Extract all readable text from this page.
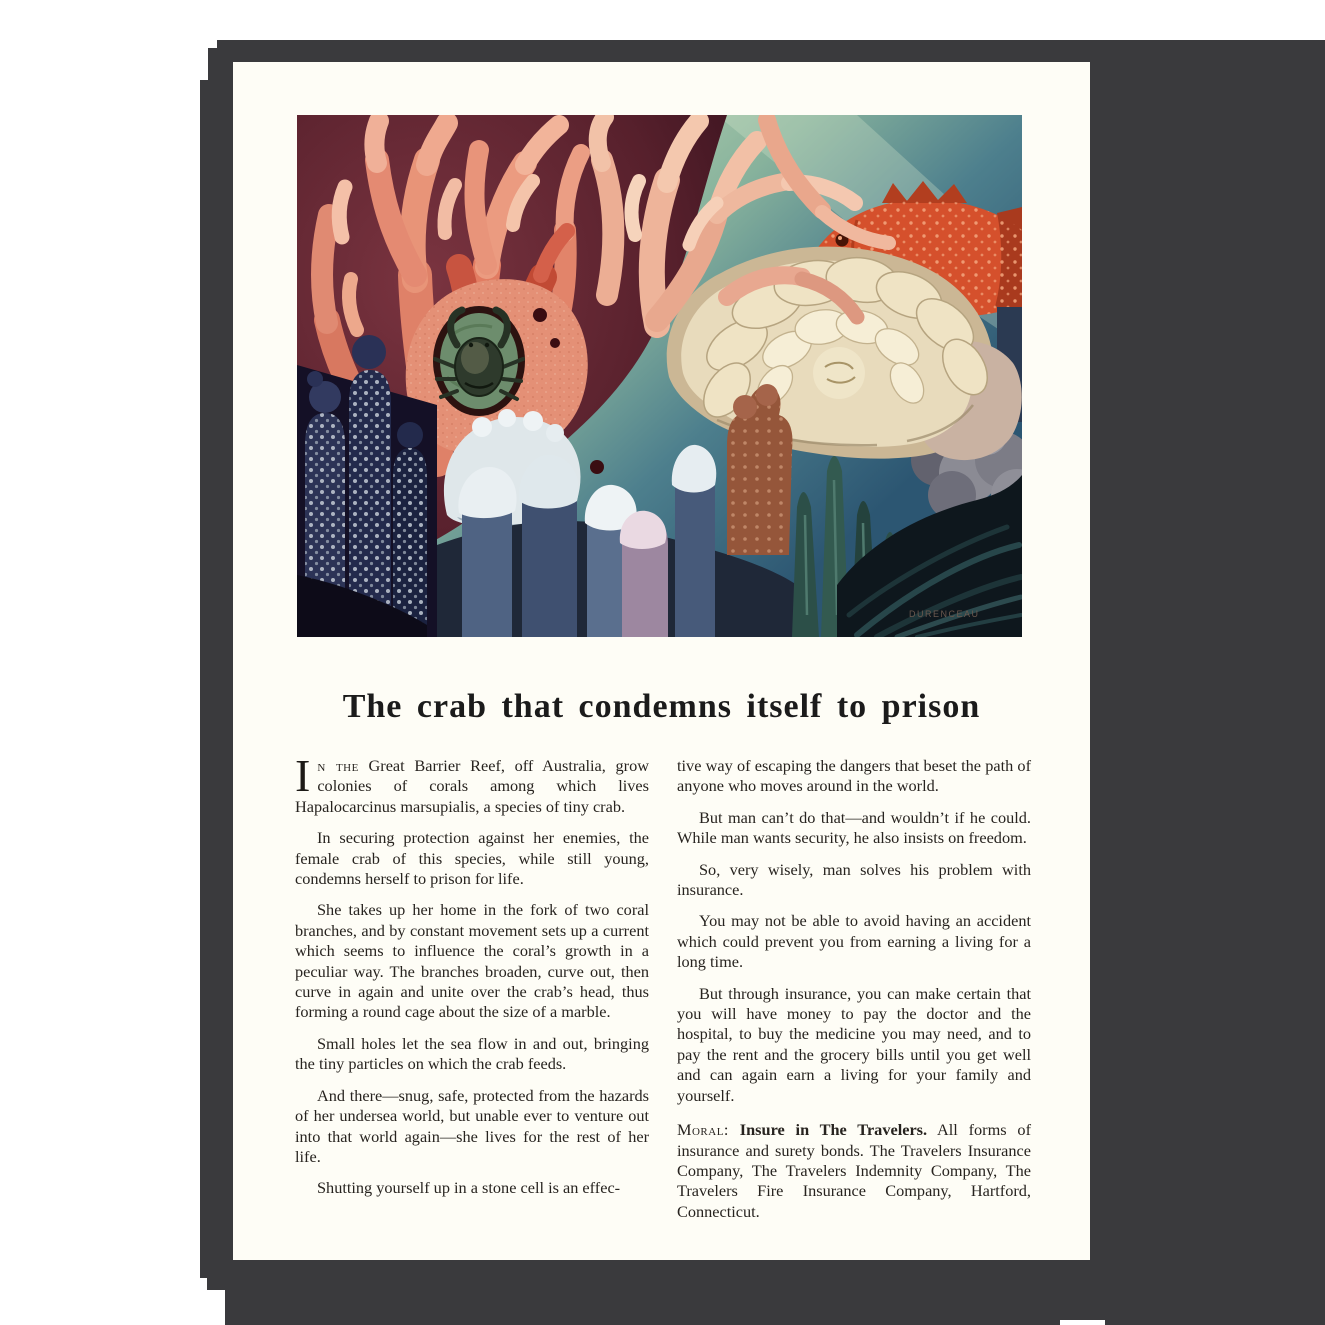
DURENCEAU
The crab that condemns itself to prison

In the Great Barrier Reef, off Australia, grow colonies of corals among which lives Hapalocarcinus marsupialis, a species of tiny crab.

In securing protection against her enemies, the female crab of this species, while still young, condemns herself to prison for life.

She takes up her home in the fork of two coral branches, and by constant movement sets up a current which seems to influence the coral’s growth in a peculiar way. The branches broaden, curve out, then curve in again and unite over the crab’s head, thus forming a round cage about the size of a marble.

Small holes let the sea flow in and out, bringing the tiny particles on which the crab feeds.

And there—snug, safe, protected from the hazards of her undersea world, but unable ever to venture out into that world again—she lives for the rest of her life.

Shutting yourself up in a stone cell is an effec-

tive way of escaping the dangers that beset the path of anyone who moves around in the world.

But man can’t do that—and wouldn’t if he could. While man wants security, he also insists on freedom.

So, very wisely, man solves his problem with insurance.

You may not be able to avoid having an accident which could prevent you from earning a living for a long time.

But through insurance, you can make certain that you will have money to pay the doctor and the hospital, to buy the medicine you may need, and to pay the rent and the grocery bills until you get well and can again earn a living for your family and yourself.

Moral: Insure in The Travelers. All forms of insurance and surety bonds. The Travelers Insurance Company, The Travelers Indemnity Company, The Travelers Fire Insurance Company, Hartford, Connecticut.
